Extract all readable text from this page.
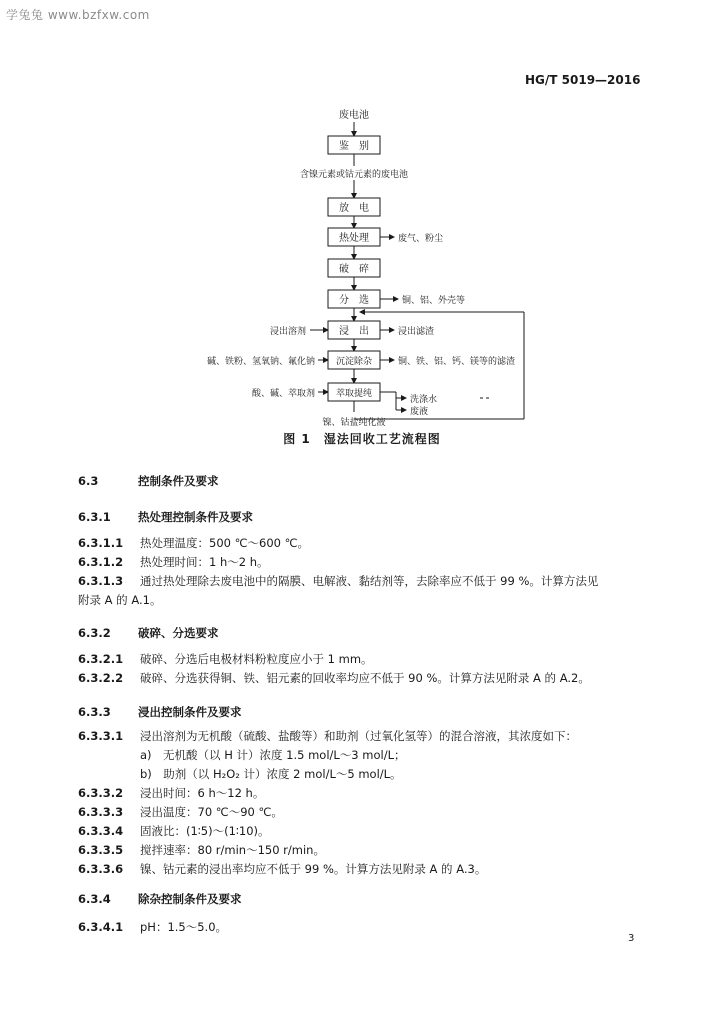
学兔兔 www.bzfxw.com
HG/T 5019—2016
废电池
鉴　别
含镍元素或钴元素的废电池
放　电
热处理
破　碎
分　选
浸　出
沉淀除杂
萃取提纯
废气、粉尘
铜、铝、外壳等
浸出滤渣
铜、铁、铝、钙、镁等的滤渣
洗涤水
废液
浸出溶剂
碱、铁粉、氢氧钠、氟化钠
酸、碱、萃取剂
镍、钴盐纯化液
图 1　湿法回收工艺流程图
6.3	控制条件及要求
6.3.1 热处理控制条件及要求
6.3.1.1 热处理温度：500 ℃～600 ℃。
6.3.1.2 热处理时间：1 h～2 h。
6.3.1.3 通过热处理除去废电池中的隔膜、电解液、黏结剂等，去除率应不低于 99 %。计算方法见
附录 A 的 A.1。
6.3.2 破碎、分选要求
6.3.2.1 破碎、分选后电极材料粉粒度应小于 1 mm。
6.3.2.2 破碎、分选获得铜、铁、铝元素的回收率均应不低于 90 %。计算方法见附录 A 的 A.2。
6.3.3 浸出控制条件及要求
6.3.3.1 浸出溶剂为无机酸（硫酸、盐酸等）和助剂（过氧化氢等）的混合溶液，其浓度如下：
a)　无机酸（以 H 计）浓度 1.5 mol/L～3 mol/L；
b)　助剂（以 H₂O₂ 计）浓度 2 mol/L～5 mol/L。
6.3.3.2 浸出时间：6 h～12 h。
6.3.3.3 浸出温度：70 ℃～90 ℃。
6.3.3.4 固液比：(1∶5)～(1∶10)。
6.3.3.5 搅拌速率：80 r/min～150 r/min。
6.3.3.6 镍、钴元素的浸出率均应不低于 99 %。计算方法见附录 A 的 A.3。
6.3.4 除杂控制条件及要求
6.3.4.1 pH：1.5～5.0。
3
